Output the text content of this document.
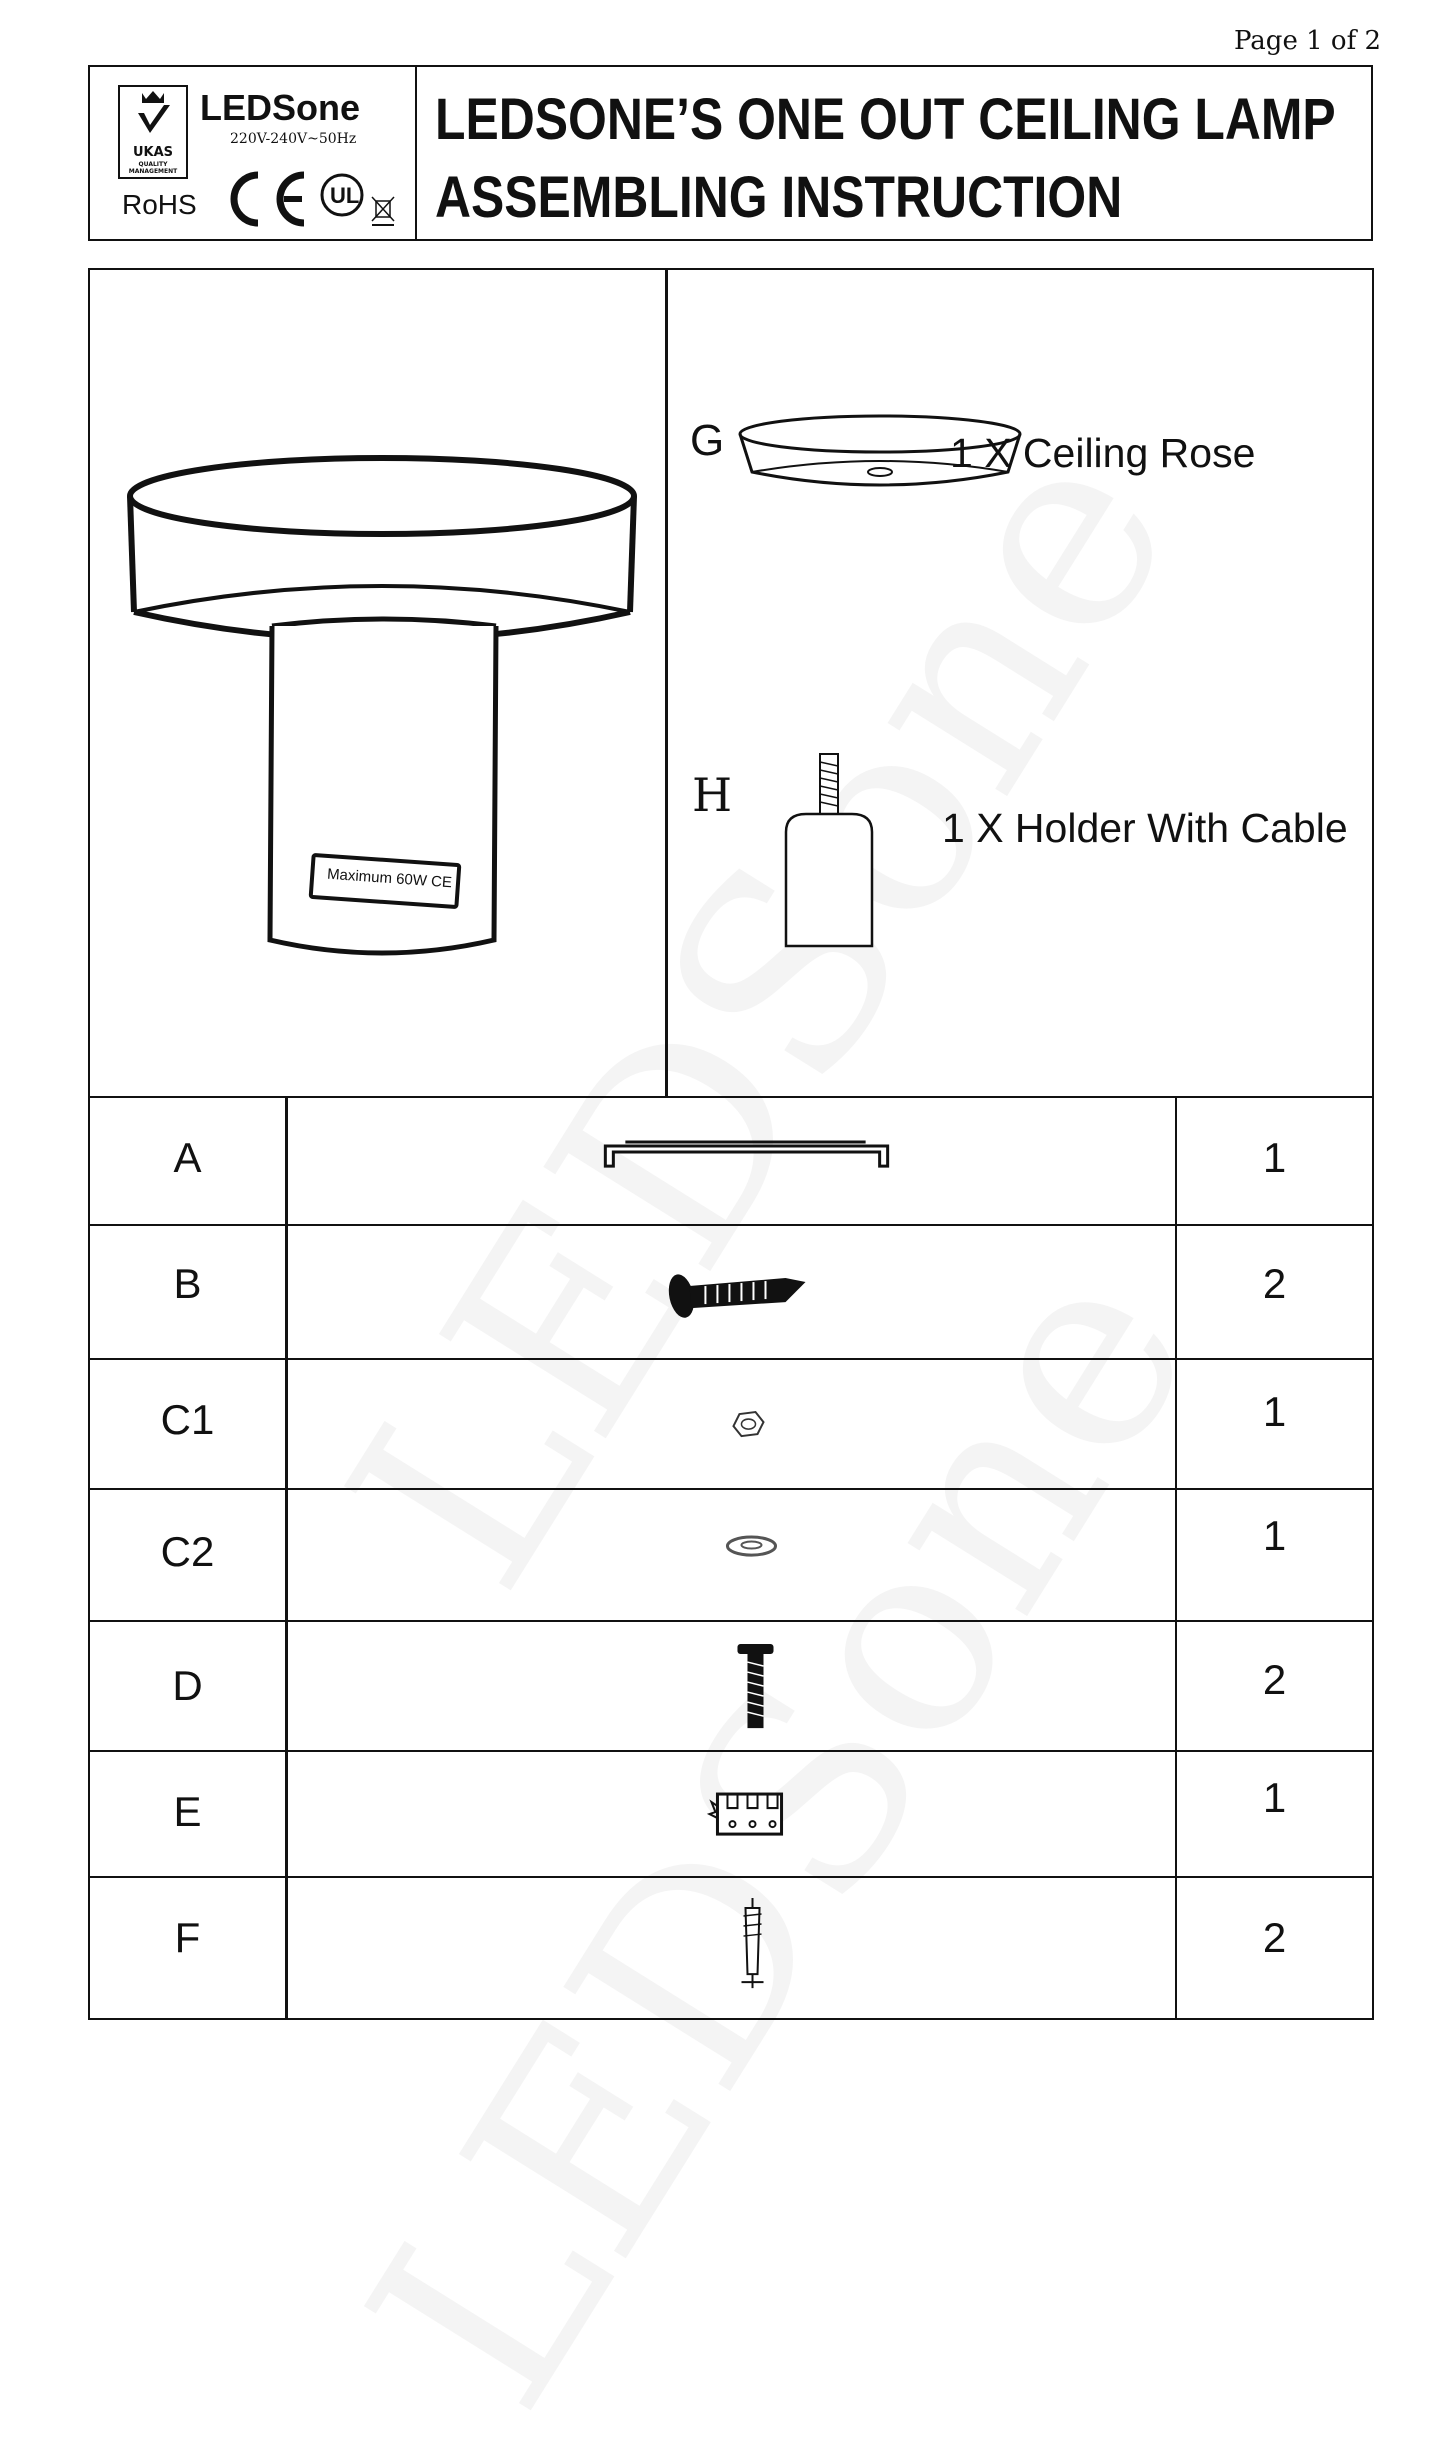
Page 1 of 2
UKAS
QUALITY MANAGEMENT
LEDSone
220V-240V~50Hz
RoHS	UL
LEDSONE’S ONE OUT CEILING LAMP
ASSEMBLING INSTRUCTION
Maximum 60W CE
G	1 X Ceiling Rose
H
1 X Holder With Cable
A	1
B	2
C1	1
C2	1
D	2
E	1
F	2
